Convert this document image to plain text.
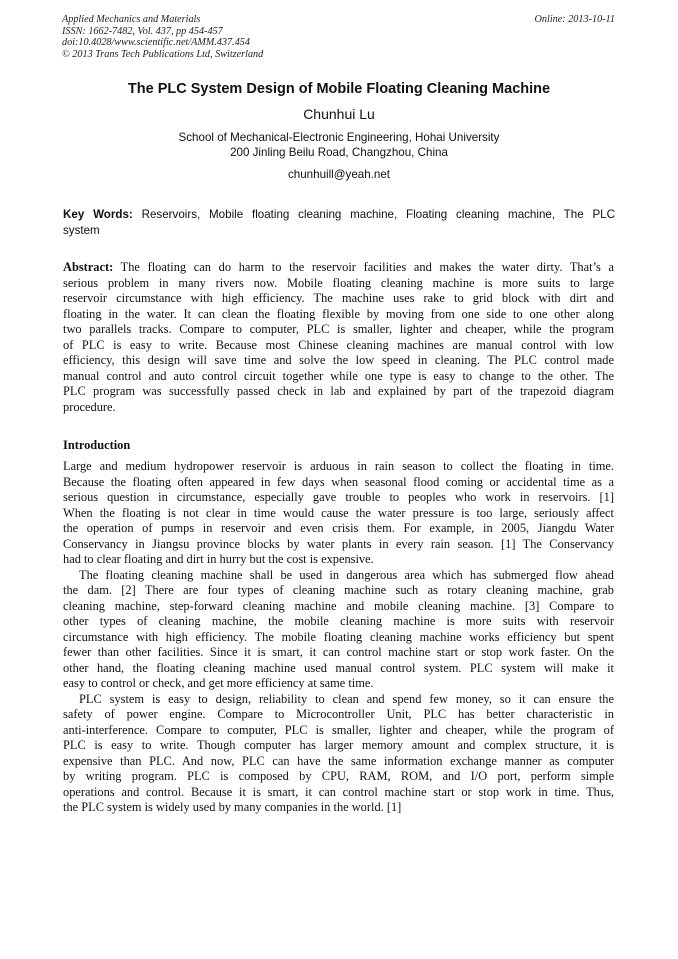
Applied Mechanics and Materials
ISSN: 1662-7482, Vol. 437, pp 454-457
doi:10.4028/www.scientific.net/AMM.437.454
© 2013 Trans Tech Publications Ltd, Switzerland
Online: 2013-10-11
The PLC System Design of Mobile Floating Cleaning Machine
Chunhui Lu
School of Mechanical-Electronic Engineering, Hohai University
200 Jinling Beilu Road, Changzhou, China
chunhuill@yeah.net
Key Words: Reservoirs, Mobile floating cleaning machine, Floating cleaning machine, The PLC
system
Abstract: The floating can do harm to the reservoir facilities and makes the water dirty. That’s a
serious problem in many rivers now. Mobile floating cleaning machine is more suits to large
reservoir circumstance with high efficiency. The machine uses rake to grid block with dirt and
floating in the water. It can clean the floating flexible by moving from one side to one other along
two parallels tracks. Compare to computer, PLC is smaller, lighter and cheaper, while the program
of PLC is easy to write. Because most Chinese cleaning machines are manual control with low
efficiency, this design will save time and solve the low speed in cleaning. The PLC control made
manual control and auto control circuit together while one type is easy to change to the other. The
PLC program was successfully passed check in lab and explained by part of the trapezoid diagram
procedure.
Introduction
Large and medium hydropower reservoir is arduous in rain season to collect the floating in time.
Because the floating often appeared in few days when seasonal flood coming or accidental time as a
serious question in circumstance, especially gave trouble to peoples who work in reservoirs. [1]
When the floating is not clear in time would cause the water pressure is too large, seriously affect
the operation of pumps in reservoir and even crisis them. For example, in 2005, Jiangdu Water
Conservancy in Jiangsu province blocks by water plants in every rain season. [1] The Conservancy
had to clear floating and dirt in hurry but the cost is expensive.
The floating cleaning machine shall be used in dangerous area which has submerged flow ahead
the dam. [2] There are four types of cleaning machine such as rotary cleaning machine, grab
cleaning machine, step-forward cleaning machine and mobile cleaning machine. [3] Compare to
other types of cleaning machine, the mobile cleaning machine is more suits with reservoir
circumstance with high efficiency. The mobile floating cleaning machine works efficiency but spent
fewer than other facilities. Since it is smart, it can control machine start or stop work faster. On the
other hand, the floating cleaning machine used manual control system. PLC system will make it
easy to control or check, and get more efficiency at same time.
PLC system is easy to design, reliability to clean and spend few money, so it can ensure the
safety of power engine. Compare to Microcontroller Unit, PLC has better characteristic in
anti-interference. Compare to computer, PLC is smaller, lighter and cheaper, while the program of
PLC is easy to write. Though computer has larger memory amount and complex structure, it is
expensive than PLC. And now, PLC can have the same information exchange manner as computer
by writing program. PLC is composed by CPU, RAM, ROM, and I/O port, perform simple
operations and control. Because it is smart, it can control machine start or stop work in time. Thus,
the PLC system is widely used by many companies in the world. [1]
